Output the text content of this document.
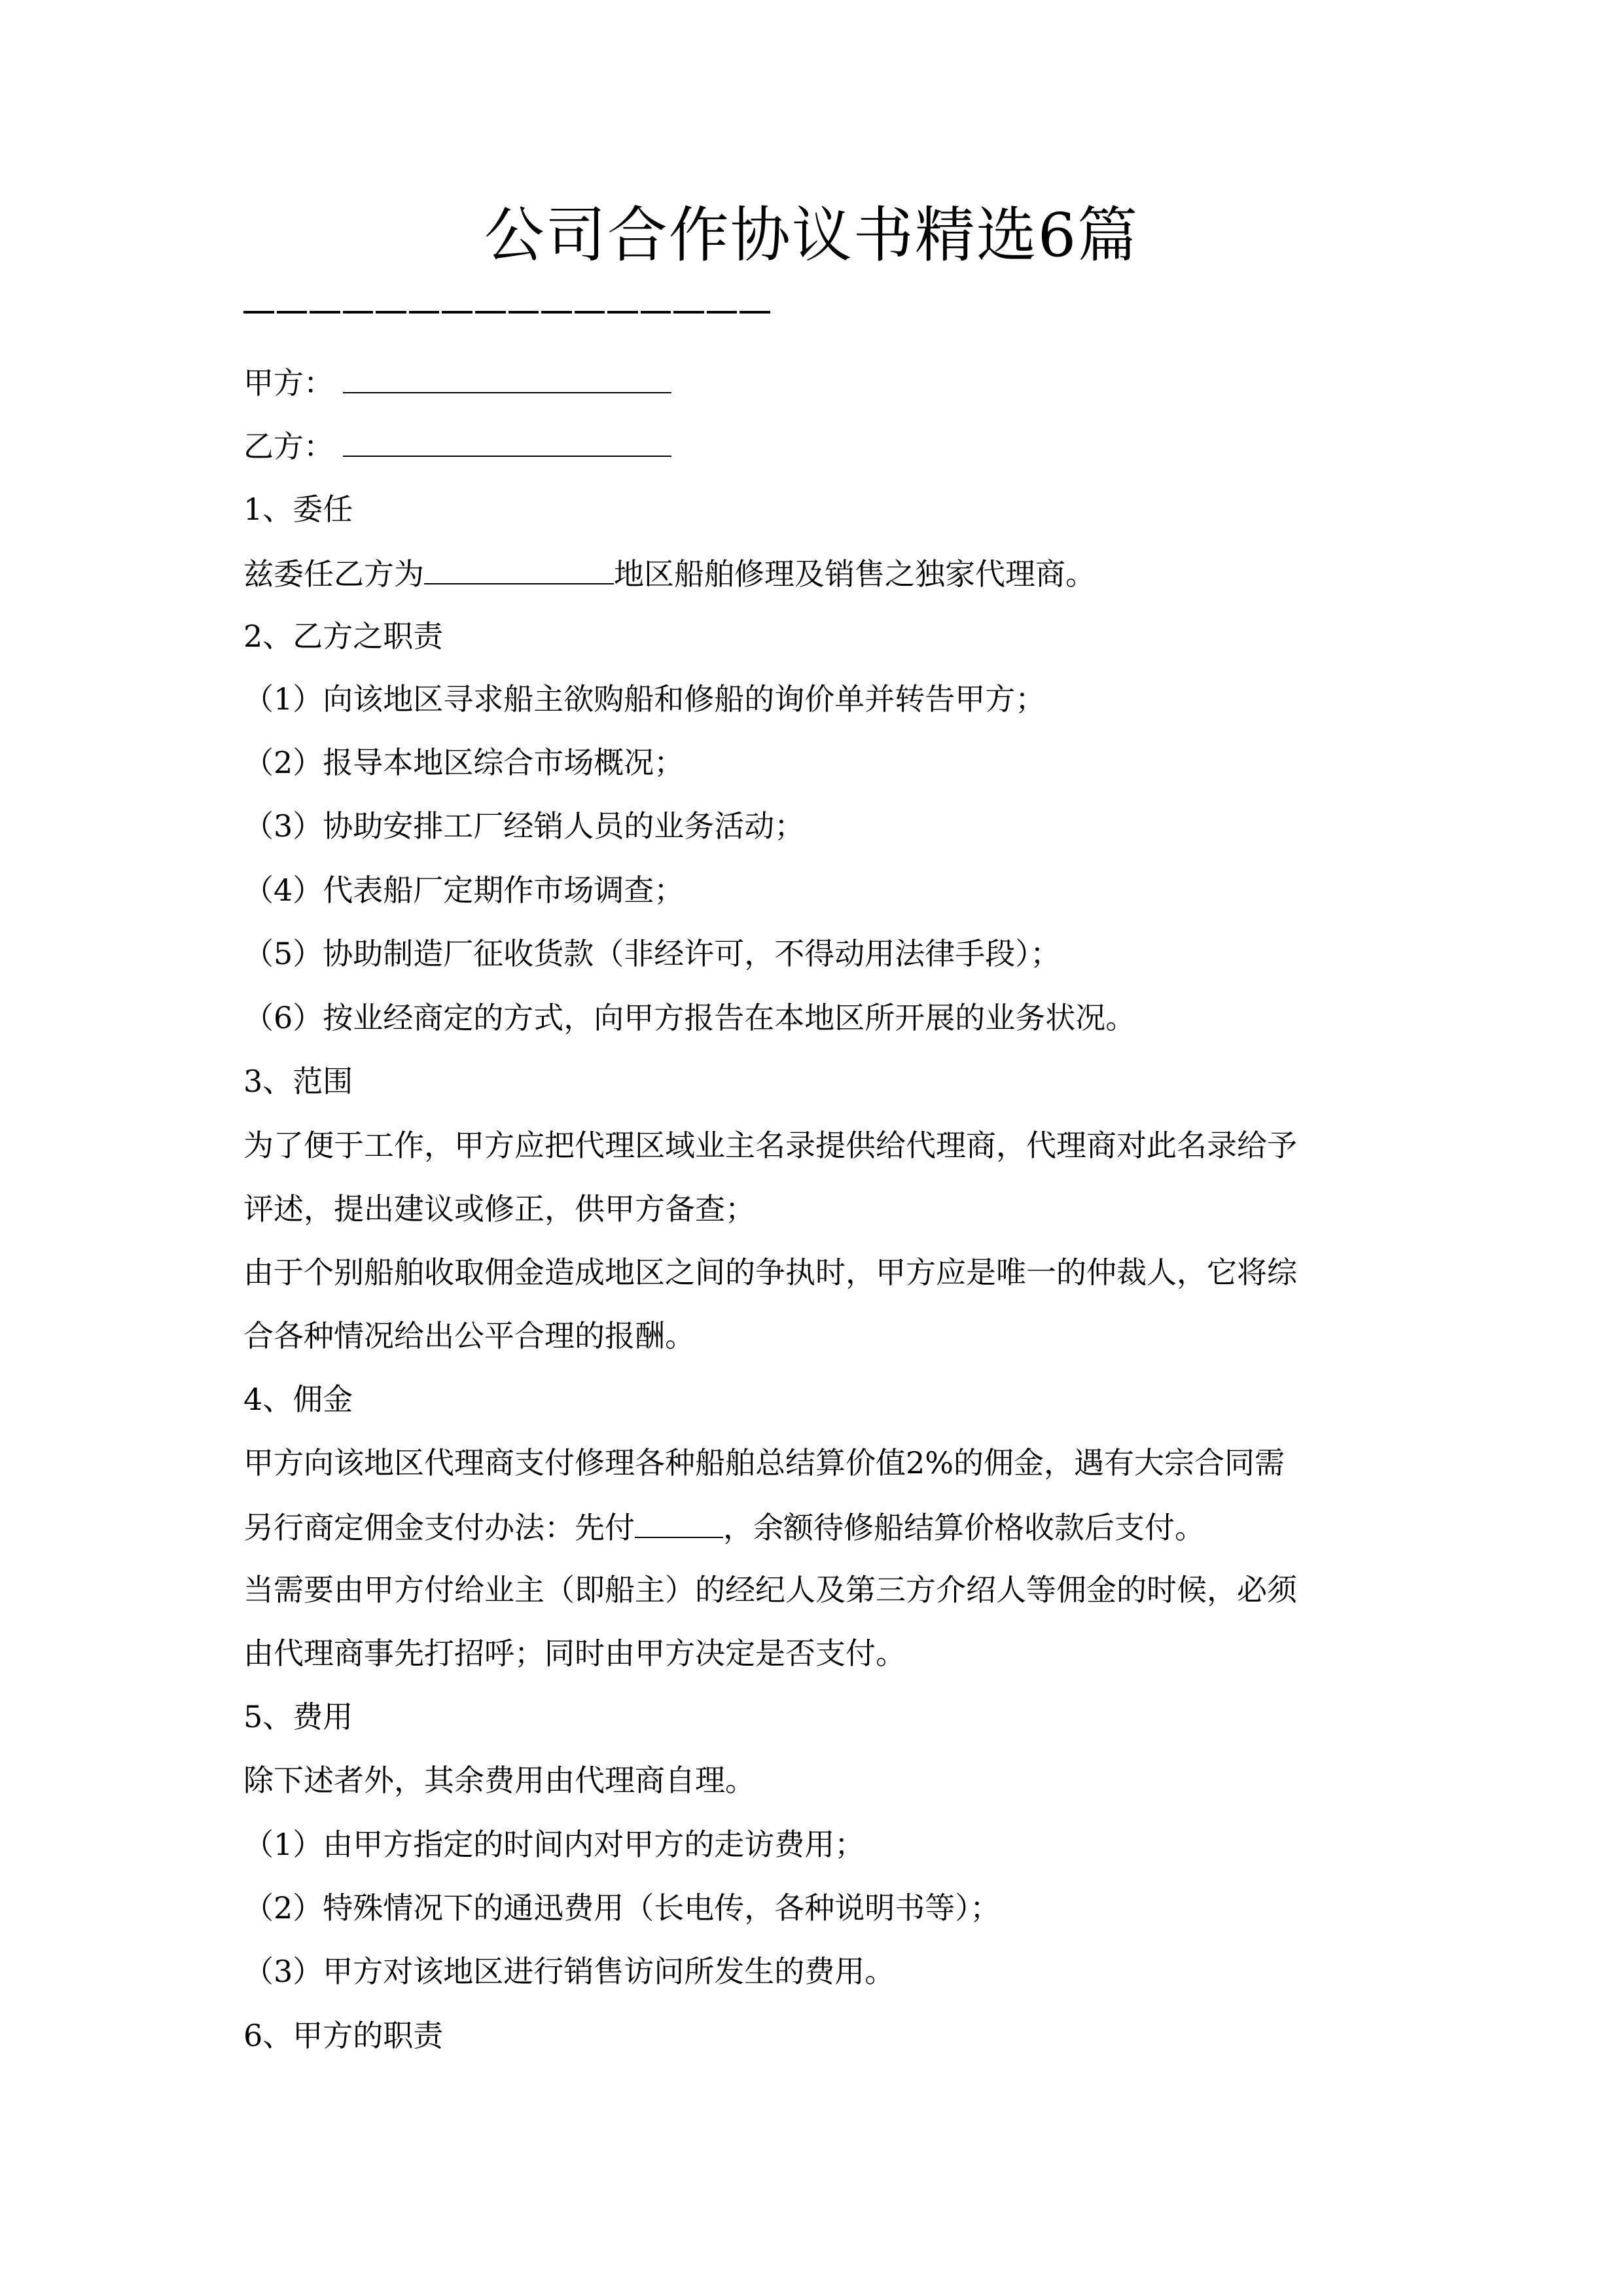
公司合作协议书精选6篇
甲方：
乙方：
1、委任
兹委任乙方为	地区船舶修理及销售之独家代理商。
2、乙方之职责
（1）向该地区寻求船主欲购船和修船的询价单并转告甲方；
（2）报导本地区综合市场概况；
（3）协助安排工厂经销人员的业务活动；
（4）代表船厂定期作市场调查；
（5）协助制造厂征收货款（非经许可，不得动用法律手段）；
（6）按业经商定的方式，向甲方报告在本地区所开展的业务状况。
3、范围
为了便于工作，甲方应把代理区域业主名录提供给代理商，代理商对此名录给予
评述，提出建议或修正，供甲方备查；
由于个别船舶收取佣金造成地区之间的争执时，甲方应是唯一的仲裁人，它将综
合各种情况给出公平合理的报酬。
4、佣金
甲方向该地区代理商支付修理各种船舶总结算价值2%的佣金，遇有大宗合同需
另行商定佣金支付办法：先付	，余额待修船结算价格收款后支付。
当需要由甲方付给业主（即船主）的经纪人及第三方介绍人等佣金的时候，必须
由代理商事先打招呼；同时由甲方决定是否支付。
5、费用
除下述者外，其余费用由代理商自理。
（1）由甲方指定的时间内对甲方的走访费用；
（2）特殊情况下的通迅费用（长电传，各种说明书等）；
（3）甲方对该地区进行销售访问所发生的费用。
6、甲方的职责
